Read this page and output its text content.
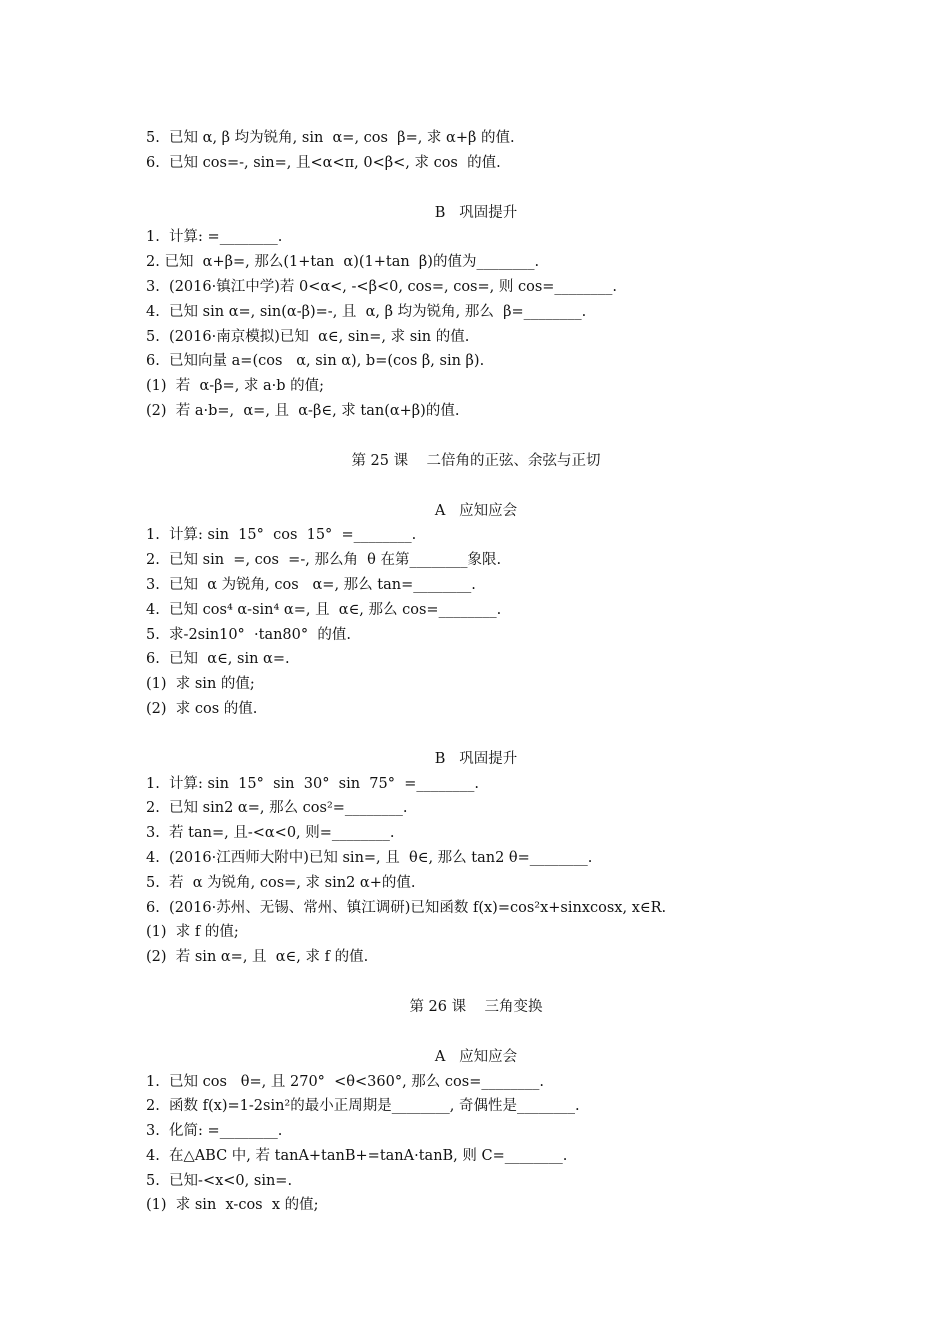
5.  已知 α, β 均为锐角, sin  α=, cos  β=, 求 α+β 的值.
6.  已知 cos=-, sin=, 且<α<π, 0<β<, 求 cos  的值.
B   巩固提升
1.  计算: =________.
2. 已知  α+β=, 那么(1+tan  α)(1+tan  β)的值为________.
3.  (2016·镇江中学)若 0<α<, -<β<0, cos=, cos=, 则 cos=________.
4.  已知 sin α=, sin(α-β)=-, 且  α, β 均为锐角, 那么  β=________.
5.  (2016·南京模拟)已知  α∈, sin=, 求 sin 的值.
6.  已知向量 a=(cos   α, sin α), b=(cos β, sin β).
(1)  若  α-β=, 求 a·b 的值;
(2)  若 a·b=,  α=, 且  α-β∈, 求 tan(α+β)的值.
第 25 课    二倍角的正弦、余弦与正切
A   应知应会
1.  计算: sin  15°  cos  15°  =________.
2.  已知 sin  =, cos  =-, 那么角  θ 在第________象限.
3.  已知  α 为锐角, cos   α=, 那么 tan=________.
4.  已知 cos⁴ α-sin⁴ α=, 且  α∈, 那么 cos=________.
5.  求-2sin10°  ·tan80°  的值.
6.  已知  α∈, sin α=.
(1)  求 sin 的值;
(2)  求 cos 的值.
B   巩固提升
1.  计算: sin  15°  sin  30°  sin  75°  =________.
2.  已知 sin2 α=, 那么 cos²=________.
3.  若 tan=, 且-<α<0, 则=________.
4.  (2016·江西师大附中)已知 sin=, 且  θ∈, 那么 tan2 θ=________.
5.  若  α 为锐角, cos=, 求 sin2 α+的值.
6.  (2016·苏州、无锡、常州、镇江调研)已知函数 f(x)=cos²x+sinxcosx, x∈R.
(1)  求 f 的值;
(2)  若 sin α=, 且  α∈, 求 f 的值.
第 26 课    三角变换
A   应知应会
1.  已知 cos   θ=, 且 270°  <θ<360°, 那么 cos=________.
2.  函数 f(x)=1-2sin²的最小正周期是________, 奇偶性是________.
3.  化简: =________.
4.  在△ABC 中, 若 tanA+tanB+=tanA·tanB, 则 C=________.
5.  已知-<x<0, sin=.
(1)  求 sin  x-cos  x 的值;
